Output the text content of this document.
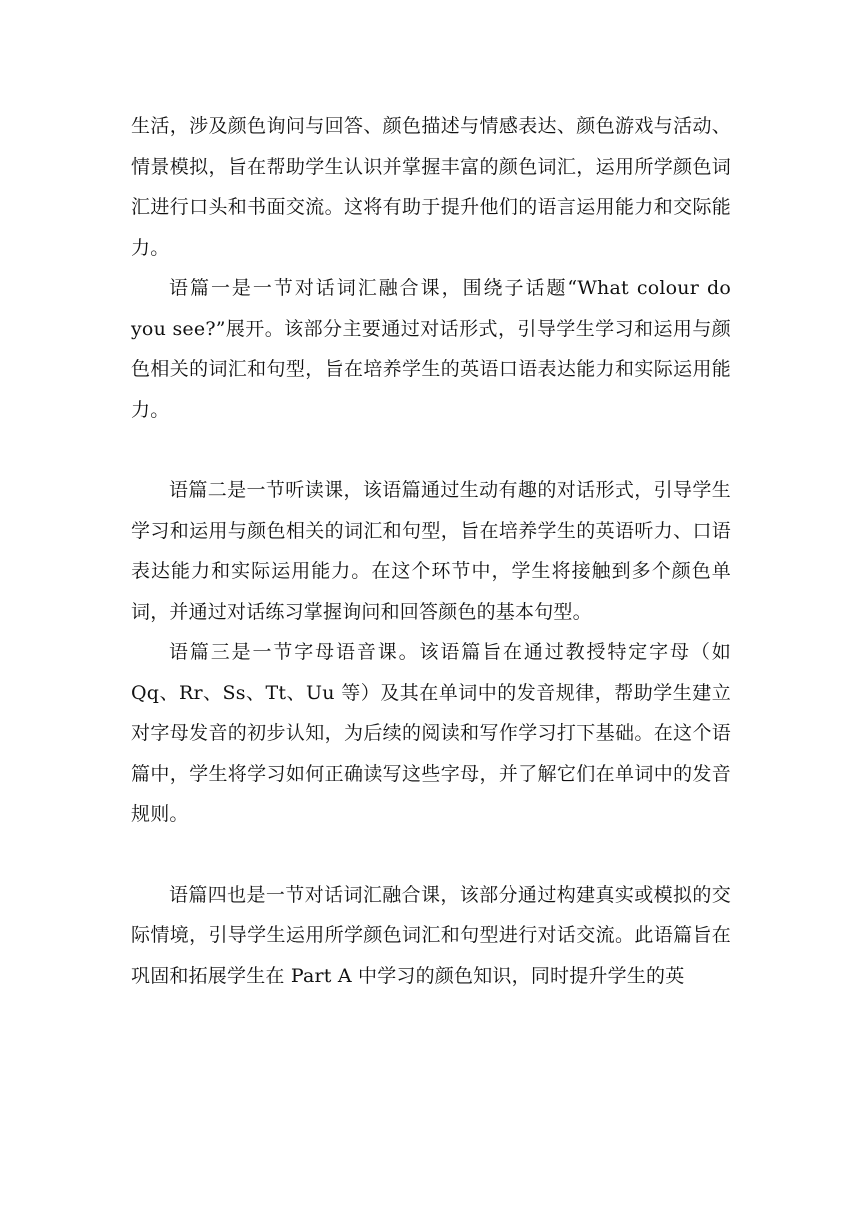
生活，涉及颜色询问与回答、颜色描述与情感表达、颜色游戏与活动、情景模拟，旨在帮助学生认识并掌握丰富的颜色词汇，运用所学颜色词汇进行口头和书面交流。这将有助于提升他们的语言运用能力和交际能力。

语篇一是一节对话词汇融合课，围绕子话题“What colour do you see?”展开。该部分主要通过对话形式，引导学生学习和运用与颜色相关的词汇和句型，旨在培养学生的英语口语表达能力和实际运用能力。

语篇二是一节听读课，该语篇通过生动有趣的对话形式，引导学生学习和运用与颜色相关的词汇和句型，旨在培养学生的英语听力、口语表达能力和实际运用能力。在这个环节中，学生将接触到多个颜色单词，并通过对话练习掌握询问和回答颜色的基本句型。

语篇三是一节字母语音课。该语篇旨在通过教授特定字母（如 Qq、Rr、Ss、Tt、Uu 等）及其在单词中的发音规律，帮助学生建立对字母发音的初步认知，为后续的阅读和写作学习打下基础。在这个语篇中，学生将学习如何正确读写这些字母，并了解它们在单词中的发音规则。

语篇四也是一节对话词汇融合课，该部分通过构建真实或模拟的交际情境，引导学生运用所学颜色词汇和句型进行对话交流。此语篇旨在巩固和拓展学生在 Part A 中学习的颜色知识，同时提升学生的英
